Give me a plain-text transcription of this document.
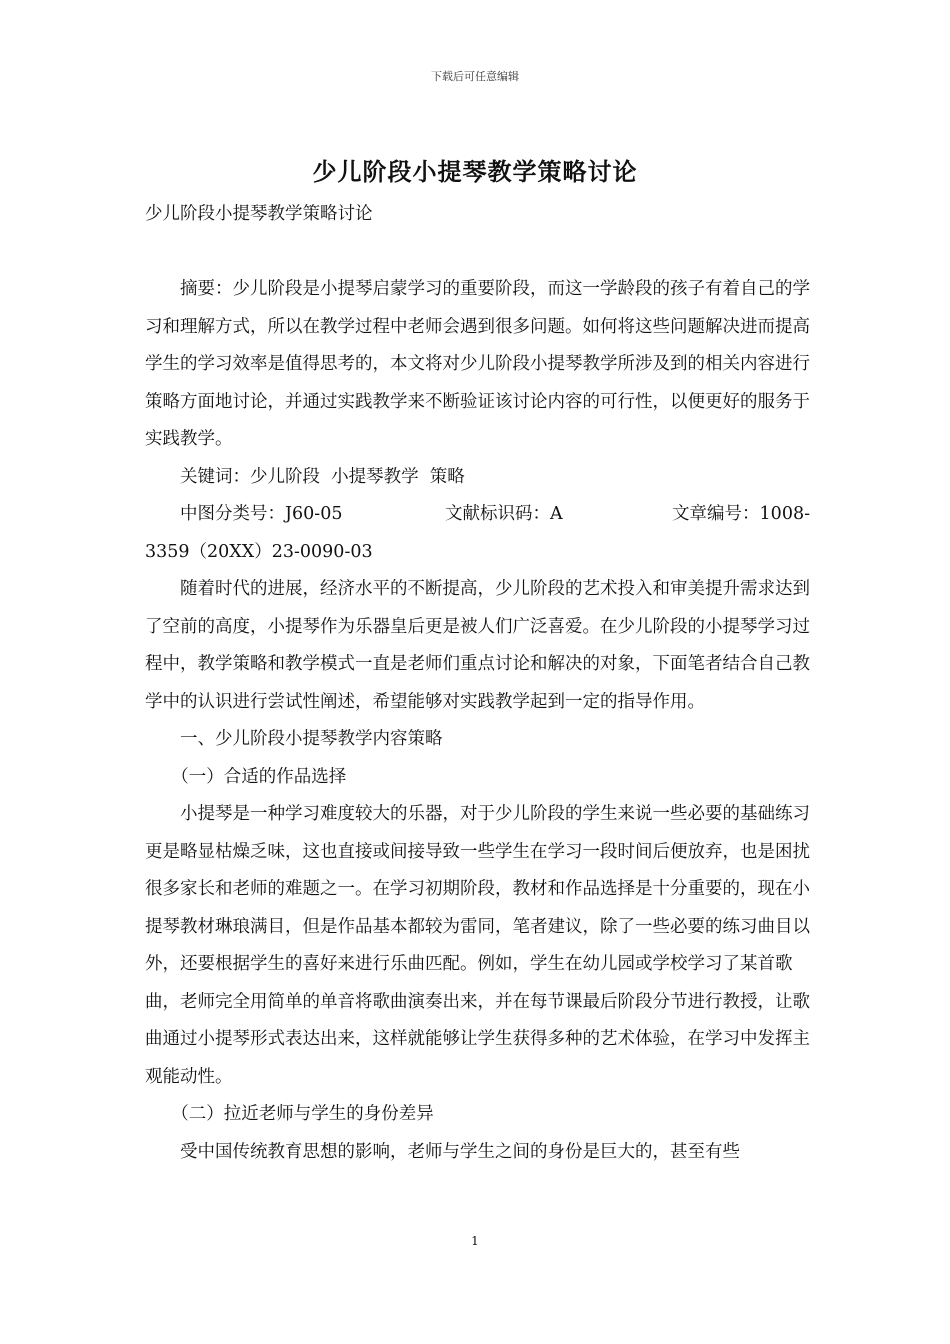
下载后可任意编辑
少儿阶段小提琴教学策略讨论

少儿阶段小提琴教学策略讨论

摘要：少儿阶段是小提琴启蒙学习的重要阶段，而这一学龄段的孩子有着自己的学习和理解方式，所以在教学过程中老师会遇到很多问题。如何将这些问题解决进而提高学生的学习效率是值得思考的，本文将对少儿阶段小提琴教学所涉及到的相关内容进行策略方面地讨论，并通过实践教学来不断验证该讨论内容的可行性，以便更好的服务于实践教学。

关键词：少儿阶段  小提琴教学  策略

中图分类号：J60-05	文献标识码：A	文章编号：1008-

3359（20XX）23-0090-03

随着时代的进展，经济水平的不断提高，少儿阶段的艺术投入和审美提升需求达到了空前的高度，小提琴作为乐器皇后更是被人们广泛喜爱。在少儿阶段的小提琴学习过程中，教学策略和教学模式一直是老师们重点讨论和解决的对象，下面笔者结合自己教学中的认识进行尝试性阐述，希望能够对实践教学起到一定的指导作用。

一、少儿阶段小提琴教学内容策略

（一）合适的作品选择

小提琴是一种学习难度较大的乐器，对于少儿阶段的学生来说一些必要的基础练习更是略显枯燥乏味，这也直接或间接导致一些学生在学习一段时间后便放弃，也是困扰很多家长和老师的难题之一。在学习初期阶段，教材和作品选择是十分重要的，现在小提琴教材琳琅满目，但是作品基本都较为雷同，笔者建议，除了一些必要的练习曲目以外，还要根据学生的喜好来进行乐曲匹配。例如，学生在幼儿园或学校学习了某首歌曲，老师完全用简单的单音将歌曲演奏出来，并在每节课最后阶段分节进行教授，让歌曲通过小提琴形式表达出来，这样就能够让学生获得多种的艺术体验，在学习中发挥主观能动性。

（二）拉近老师与学生的身份差异

受中国传统教育思想的影响，老师与学生之间的身份是巨大的，甚至有些

1
